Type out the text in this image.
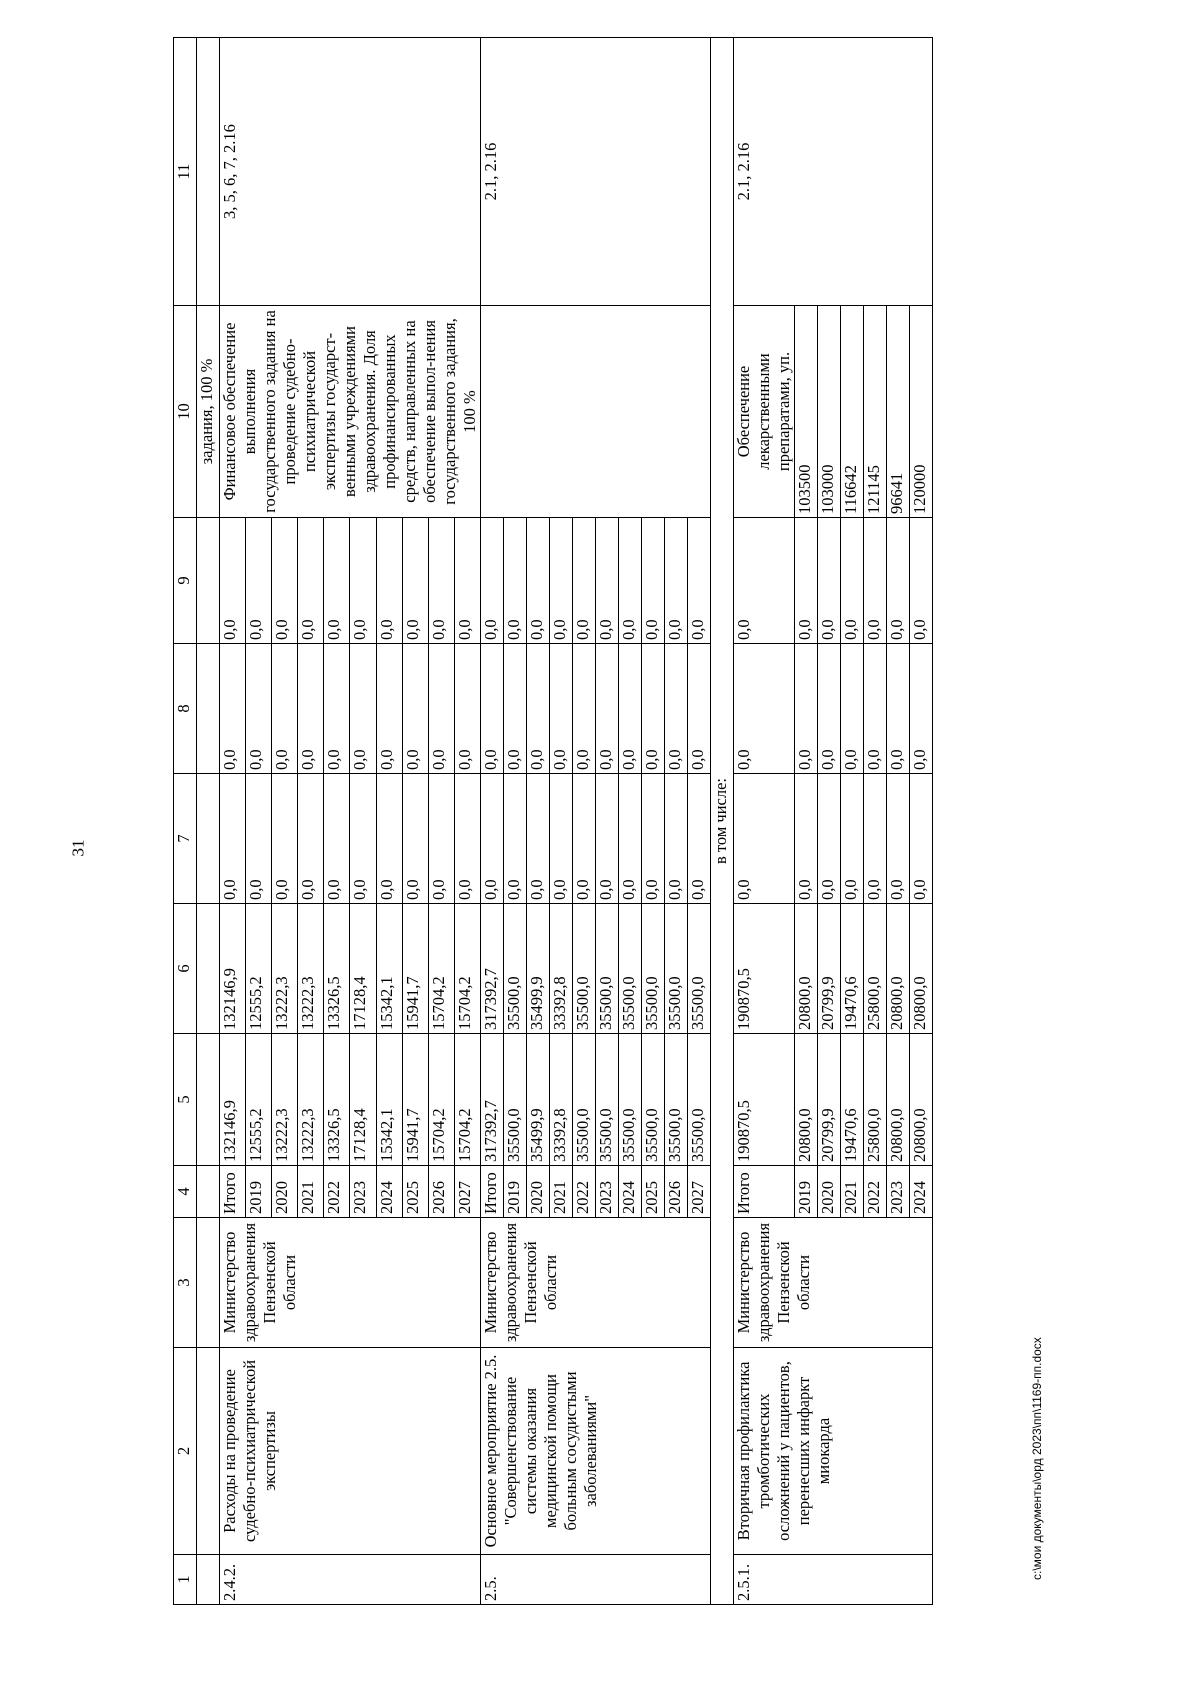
31
1	2	3	4	5	6	7	8	9	10	11
									задания, 100 %	
2.4.2.	Расходы на проведение судебно-психиатрической экспертизы	Министерство здравоохранения Пензенской области	Итого	132146,9	132146,9	0,0	0,0	0,0	Финансовое обеспечение выполнения государственного задания на проведение судебно-психиатрической экспертизы государст-венными учреждениями здравоохранения. Доля профинансированных средств, направленных на обеспечение выпол-нения государственного задания, 100 %	3, 5, 6, 7, 2.16
			2019	12555,2	12555,2	0,0	0,0	0,0		
			2020	13222,3	13222,3	0,0	0,0	0,0		
			2021	13222,3	13222,3	0,0	0,0	0,0		
			2022	13326,5	13326,5	0,0	0,0	0,0		
			2023	17128,4	17128,4	0,0	0,0	0,0		
			2024	15342,1	15342,1	0,0	0,0	0,0		
			2025	15941,7	15941,7	0,0	0,0	0,0		
			2026	15704,2	15704,2	0,0	0,0	0,0		
			2027	15704,2	15704,2	0,0	0,0	0,0		
2.5.	Основное мероприятие 2.5. "Совершенствование системы оказания медицинской помощи больным сосудистыми заболеваниями"	Министерство здравоохранения Пензенской области	Итого	317392,7	317392,7	0,0	0,0	0,0		2.1, 2.16
			2019	35500,0	35500,0	0,0	0,0	0,0		
			2020	35499,9	35499,9	0,0	0,0	0,0		
			2021	33392,8	33392,8	0,0	0,0	0,0		
			2022	35500,0	35500,0	0,0	0,0	0,0		
			2023	35500,0	35500,0	0,0	0,0	0,0		
			2024	35500,0	35500,0	0,0	0,0	0,0		
			2025	35500,0	35500,0	0,0	0,0	0,0		
			2026	35500,0	35500,0	0,0	0,0	0,0		
			2027	35500,0	35500,0	0,0	0,0	0,0		
в том числе:										
2.5.1.	Вторичная профилактика тромботических осложнений у пациентов, перенесших инфаркт миокарда	Министерство здравоохранения Пензенской области	Итого	190870,5	190870,5	0,0	0,0	0,0	Обеспечение лекарственными препаратами, уп.	2.1, 2.16
			2019	20800,0	20800,0	0,0	0,0	0,0	103500	
			2020	20799,9	20799,9	0,0	0,0	0,0	103000	
			2021	19470,6	19470,6	0,0	0,0	0,0	116642	
			2022	25800,0	25800,0	0,0	0,0	0,0	121145	
			2023	20800,0	20800,0	0,0	0,0	0,0	96641	
			2024	20800,0	20800,0	0,0	0,0	0,0	120000	
c:\мои документы\орд 2023\пп\1169-пп.docx
